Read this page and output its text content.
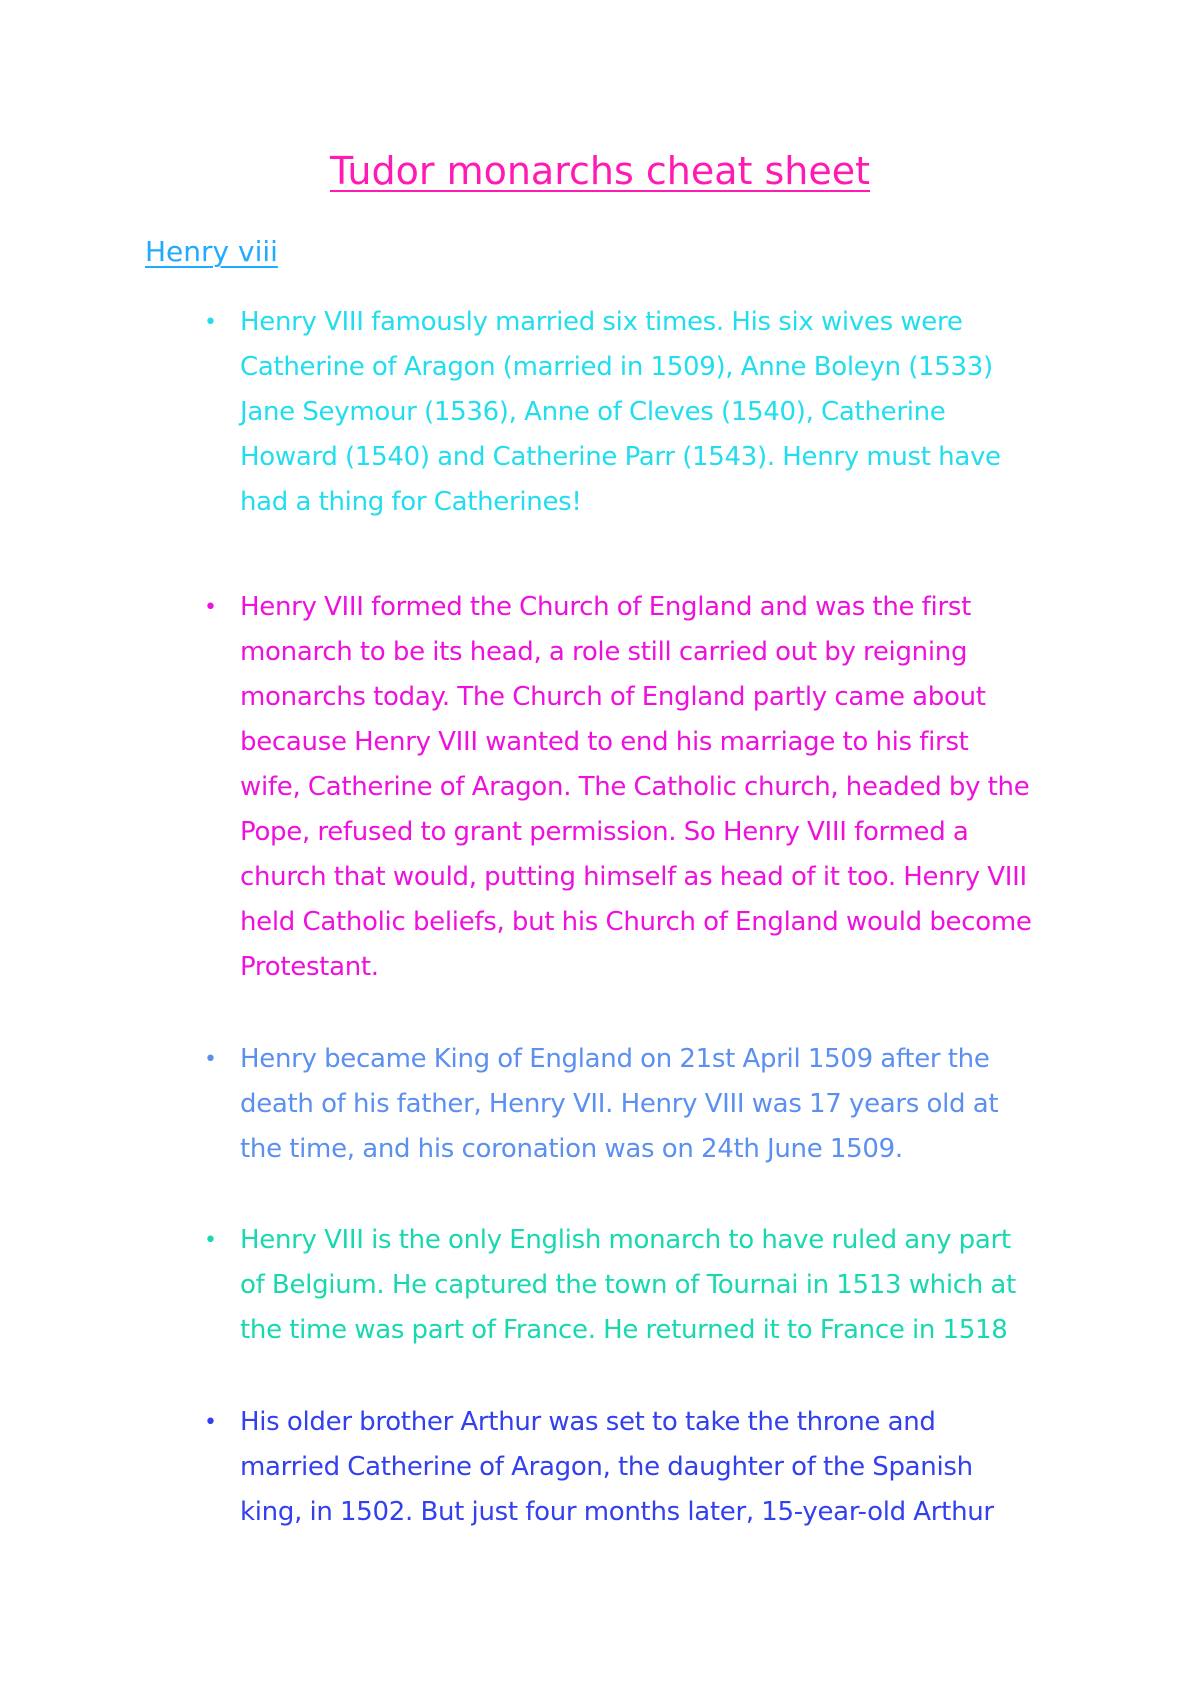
Tudor monarchs cheat sheet
Henry viii
• Henry VIII famously married six times. His six wives were
Catherine of Aragon (married in 1509), Anne Boleyn (1533)
Jane Seymour (1536), Anne of Cleves (1540), Catherine
Howard (1540) and Catherine Parr (1543). Henry must have
had a thing for Catherines!
• Henry VIII formed the Church of England and was the first
monarch to be its head, a role still carried out by reigning
monarchs today. The Church of England partly came about
because Henry VIII wanted to end his marriage to his first
wife, Catherine of Aragon. The Catholic church, headed by the
Pope, refused to grant permission. So Henry VIII formed a
church that would, putting himself as head of it too. Henry VIII
held Catholic beliefs, but his Church of England would become
Protestant.
• Henry became King of England on 21st April 1509 after the
death of his father, Henry VII. Henry VIII was 17 years old at
the time, and his coronation was on 24th June 1509.
• Henry VIII is the only English monarch to have ruled any part
of Belgium. He captured the town of Tournai in 1513 which at
the time was part of France. He returned it to France in 1518
• His older brother Arthur was set to take the throne and
married Catherine of Aragon, the daughter of the Spanish
king, in 1502. But just four months later, 15-year-old Arthur
